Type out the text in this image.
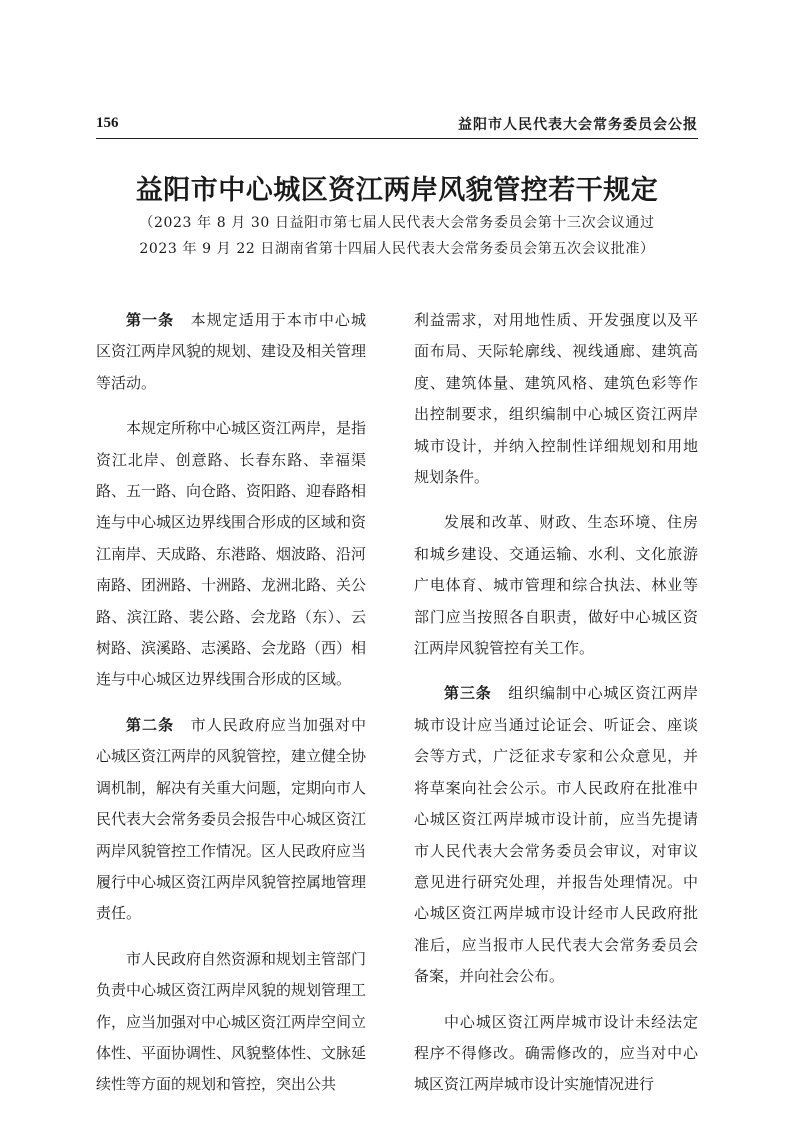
156	益阳市人民代表大会常务委员会公报
益阳市中心城区资江两岸风貌管控若干规定
（2023 年 8 月 30 日益阳市第七届人民代表大会常务委员会第十三次会议通过
2023 年 9 月 22 日湖南省第十四届人民代表大会常务委员会第五次会议批准）

第一条 本规定适用于本市中心城区资江两岸风貌的规划、建设及相关管理等活动。

本规定所称中心城区资江两岸，是指资江北岸、创意路、长春东路、幸福渠路、五一路、向仓路、资阳路、迎春路相连与中心城区边界线围合形成的区域和资江南岸、天成路、东港路、烟波路、沿河南路、团洲路、十洲路、龙洲北路、关公路、滨江路、裴公路、会龙路（东）、云树路、滨溪路、志溪路、会龙路（西）相连与中心城区边界线围合形成的区域。

第二条 市人民政府应当加强对中心城区资江两岸的风貌管控，建立健全协调机制，解决有关重大问题，定期向市人民代表大会常务委员会报告中心城区资江两岸风貌管控工作情况。区人民政府应当履行中心城区资江两岸风貌管控属地管理责任。

市人民政府自然资源和规划主管部门负责中心城区资江两岸风貌的规划管理工作，应当加强对中心城区资江两岸空间立体性、平面协调性、风貌整体性、文脉延续性等方面的规划和管控，突出公共

利益需求，对用地性质、开发强度以及平面布局、天际轮廓线、视线通廊、建筑高度、建筑体量、建筑风格、建筑色彩等作出控制要求，组织编制中心城区资江两岸城市设计，并纳入控制性详细规划和用地规划条件。

发展和改革、财政、生态环境、住房和城乡建设、交通运输、水利、文化旅游广电体育、城市管理和综合执法、林业等部门应当按照各自职责，做好中心城区资江两岸风貌管控有关工作。

第三条 组织编制中心城区资江两岸城市设计应当通过论证会、听证会、座谈会等方式，广泛征求专家和公众意见，并将草案向社会公示。市人民政府在批准中心城区资江两岸城市设计前，应当先提请市人民代表大会常务委员会审议，对审议意见进行研究处理，并报告处理情况。中心城区资江两岸城市设计经市人民政府批准后，应当报市人民代表大会常务委员会备案，并向社会公布。

中心城区资江两岸城市设计未经法定程序不得修改。确需修改的，应当对中心城区资江两岸城市设计实施情况进行
